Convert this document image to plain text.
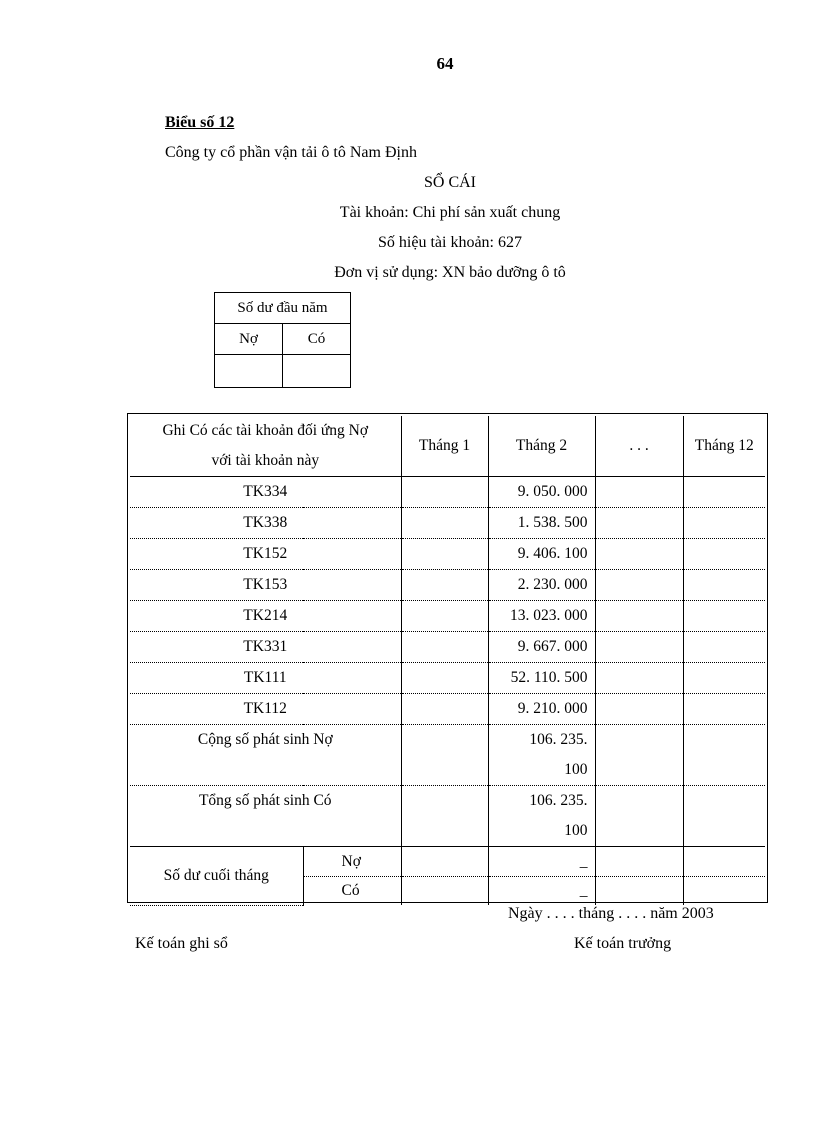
64
Biểu số 12
Công ty cổ phần vận tải ô tô Nam Định
SỔ CÁI
Tài khoản: Chi phí sản xuất chung
Số hiệu tài khoản: 627
Đơn vị sử dụng: XN bảo dưỡng ô tô
Số dư đầu năm	
Nợ	Có

Ghi Có các tài khoản đối ứng Nợ
với tài khoản này		Tháng 1	Tháng 2	. . .	Tháng 12
TK334			9. 050. 000		
TK338			1. 538. 500		
TK152			9. 406. 100		
TK153			2. 230. 000		
TK214			13. 023. 000		
TK331			9. 667. 000		
TK111			52. 110. 500		
TK112			9. 210. 000		
Cộng số phát sinh Nợ			106. 235.
100		

Tổng số phát sinh Có			106. 235.
100		

Số dư cuối tháng	Nợ		_		
	Có		_		
Ngày . . . . tháng . . . . năm 2003
Kế toán ghi sổ	Kế toán trưởng
